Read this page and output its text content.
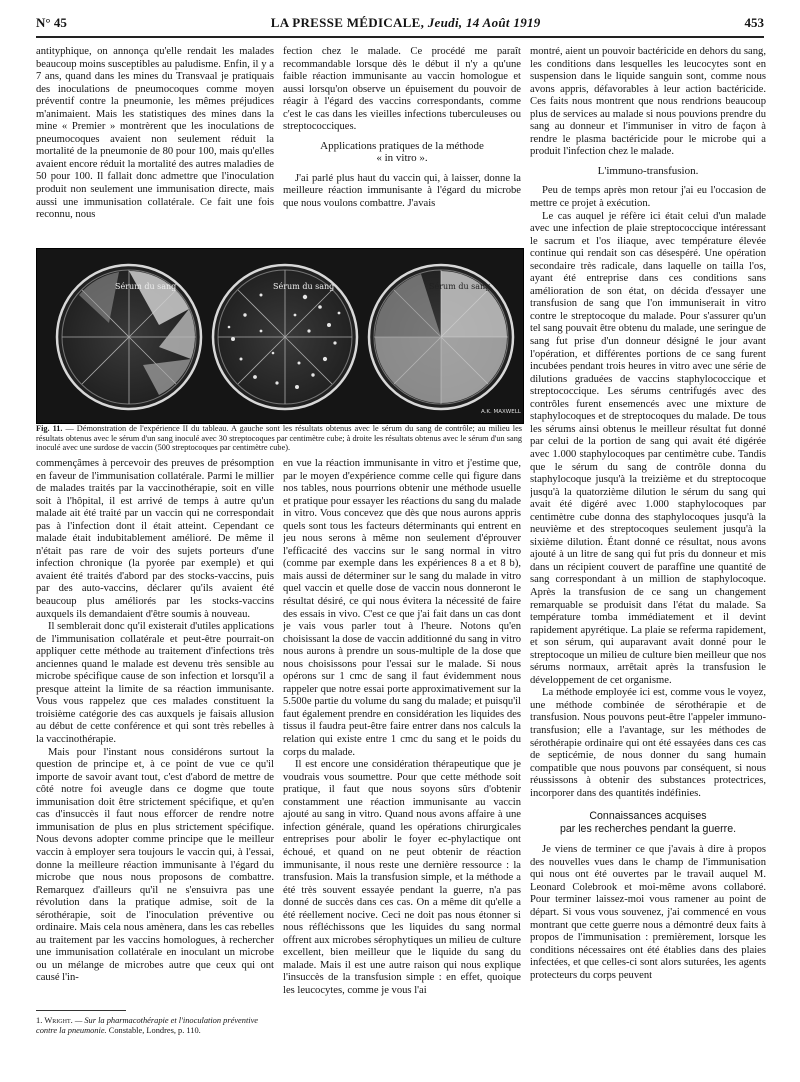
N° 45	LA PRESSE MÉDICALE, Jeudi, 14 Août 1919	453

antityphique, on annonça qu'elle rendait les malades beaucoup moins susceptibles au paludisme. Enfin, il y a 7 ans, quand dans les mines du Transvaal je pratiquais des inoculations de pneumocoques comme moyen préventif contre la pneumonie, les mêmes préjudices m'animaient. Mais les statistiques des mines dans la mine « Premier » montrèrent que les inoculations de pneumocoques avaient non seulement réduit la mortalité de la pneumonie de 80 pour 100, mais qu'elles avaient encore réduit la mortalité des autres maladies de 50 pour 100. Il fallait donc admettre que l'inoculation produit non seulement une immunisation directe, mais aussi une immunisation collatérale. Ce fait une fois reconnu, nous

fection chez le malade. Ce procédé me paraît recommandable lorsque dès le début il n'y a qu'une faible réaction immunisante au vaccin homologue et aussi lorsqu'on observe un épuisement du pouvoir de réagir à l'égard des vaccins correspondants, comme c'est le cas dans les vieilles infections tuberculeuses ou streptococciques.

Applications pratiques de la méthode
« in vitro ».

J'ai parlé plus haut du vaccin qui, à laisser, donne la meilleure réaction immunisante à l'égard du microbe que nous voulons combattre. J'avais

Sérum du sang	Sérum du sang	Sérum du sang
A.K. MAXWELL
Fig. 11. — Démonstration de l'expérience II du tableau. A gauche sont les résultats obtenus avec le sérum du sang de contrôle; au milieu les résultats obtenus avec le sérum d'un sang inoculé avec 30 streptocoques par centimètre cube; à droite les résultats obtenus avec le sérum d'un sang inoculé avec une surdose de vaccin (500 streptocoques par centimètre cube).

commençâmes à percevoir des preuves de présomption en faveur de l'immunisation collatérale. Parmi le millier de malades traités par la vaccinothérapie, soit en ville soit à l'hôpital, il est arrivé de temps à autre qu'un malade ait été traité par un vaccin qui ne correspondait pas à l'infection dont il était atteint. Cependant ce malade était indubitablement amélioré. De même il n'était pas rare de voir des sujets porteurs d'une infection chronique (la pyorée par exemple) et qui avaient été traités d'abord par des stocks-vaccins, puis par des auto-vaccins, déclarer qu'ils avaient été beaucoup plus améliorés par les stocks-vaccins auxquels ils demandaient d'être soumis à nouveau.

Il semblerait donc qu'il existerait d'utiles applications de l'immunisation collatérale et peut-être pourrait-on appliquer cette méthode au traitement d'infections très anciennes quand le malade est devenu très sensible au microbe spécifique cause de son infection et lorsqu'il a presque atteint la limite de sa réaction immunisante. Vous vous rappelez que ces malades constituent la troisième catégorie des cas auxquels je faisais allusion au début de cette conférence et qui sont très rebelles à la vaccinothérapie.

Mais pour l'instant nous considérons surtout la question de principe et, à ce point de vue ce qu'il importe de savoir avant tout, c'est d'abord de mettre de côté notre foi aveugle dans ce dogme que toute immunisation doit être strictement spécifique, et qu'en cas d'insuccès il faut nous efforcer de rendre notre immunisation de plus en plus strictement spécifique. Nous devons adopter comme principe que le meilleur vaccin à employer sera toujours le vaccin qui, à l'essai, donne la meilleure réaction immunisante à l'égard du microbe que nous nous proposons de combattre. Remarquez d'ailleurs qu'il ne s'ensuivra pas une révolution dans la pratique admise, soit de la sérothérapie, soit de l'inoculation préventive ou ordinaire. Mais cela nous amènera, dans les cas rebelles au traitement par les vaccins homologues, à rechercher une immunisation collatérale en inoculant un microbe ou un mélange de microbes autre que ceux qui ont causé l'in-

en vue la réaction immunisante in vitro et j'estime que, par le moyen d'expérience comme celle qui figure dans nos tables, nous pourrions obtenir une méthode usuelle et pratique pour essayer les réactions du sang du malade in vitro. Vous concevez que dès que nous aurons appris quels sont tous les facteurs déterminants qui entrent en jeu nous serons à même non seulement d'éprouver l'efficacité des vaccins sur le sang normal in vitro (comme par exemple dans les expériences 8 a et 8 b), mais aussi de déterminer sur le sang du malade in vitro quel vaccin et quelle dose de vaccin nous donneront le résultat désiré, ce qui nous évitera la nécessité de faire des essais in vivo. C'est ce que j'ai fait dans un cas dont je vais vous parler tout à l'heure. Notons qu'en choisissant la dose de vaccin additionné du sang in vitro nous aurons à prendre un sous-multiple de la dose que nous choisissons pour l'essai sur le malade. Si nous opérons sur 1 cmc de sang il faut évidemment nous rappeler que notre essai porte approximativement sur la 5.500e partie du volume du sang du malade; et puisqu'il faut également prendre en considération les liquides des tissus il faudra peut-être faire entrer dans nos calculs la relation qui existe entre 1 cmc du sang et le poids du corps du malade.

Il est encore une considération thérapeutique que je voudrais vous soumettre. Pour que cette méthode soit pratique, il faut que nous soyons sûrs d'obtenir constamment une réaction immunisante au vaccin ajouté au sang in vitro. Quand nous avons affaire à une infection générale, quand les opérations chirurgicales entreprises pour abolir le foyer ec-phylactique ont échoué, et quand on ne peut obtenir de réaction immunisante, il nous reste une dernière ressource : la transfusion. Mais la transfusion simple, et la méthode a été très souvent essayée pendant la guerre, n'a pas donné de succès dans ces cas. On a même dit qu'elle a été réellement nocive. Ceci ne doit pas nous étonner si nous réfléchissons que les liquides du sang normal offrent aux microbes sérophytiques un milieu de culture excellent, bien meilleur que le liquide du sang du malade. Mais il est une autre raison qui nous explique l'insuccès de la transfusion simple : en effet, quoique les leucocytes, comme je vous l'ai

montré, aient un pouvoir bactéricide en dehors du sang, les conditions dans lesquelles les leucocytes sont en suspension dans le liquide sanguin sont, comme nous avons appris, défavorables à leur action bactéricide. Ces faits nous montrent que nous rendrions beaucoup plus de services au malade si nous pouvions prendre du sang au donneur et l'immuniser in vitro de façon à rendre le plasma bactéricide pour le microbe qui a produit l'infection chez le malade.

L'immuno-transfusion.

Peu de temps après mon retour j'ai eu l'occasion de mettre ce projet à exécution.

Le cas auquel je réfère ici était celui d'un malade avec une infection de plaie streptococcique intéressant le sacrum et l'os iliaque, avec température élevée continue qui rendait son cas désespéré. Une opération secondaire très radicale, dans laquelle on tailla l'os, ayant été entreprise dans ces conditions sans amélioration de son état, on décida d'essayer une transfusion de sang que l'on immuniserait in vitro contre le streptocoque du malade. Pour s'assurer qu'un tel sang pouvait être obtenu du malade, une seringue de sang fut prise d'un donneur désigné le jour avant l'opération, et différentes portions de ce sang furent incubées pendant trois heures in vitro avec une série de dilutions graduées de vaccins staphylococcique et streptococcique. Les sérums centrifugés avec des contrôles furent ensemencés avec une mixture de staphylocoques et de streptocoques du malade. De tous les sérums ainsi obtenus le meilleur résultat fut donné par celui de la portion de sang qui avait été digérée avec 1.000 staphylocoques par centimètre cube. Tandis que le sérum du sang de contrôle donna du staphylocoque jusqu'à la treizième et du streptocoque jusqu'à la quatorzième dilution le sérum du sang qui avait été digéré avec 1.000 staphylocoques par centimètre cube donna des staphylocoques jusqu'à la neuvième et des streptocoques seulement jusqu'à la sixième dilution. Étant donné ce résultat, nous avons ajouté à un litre de sang qui fut pris du donneur et mis dans un récipient couvert de paraffine une quantité de sang correspondant à un million de staphylocoque. Après la transfusion de ce sang un changement remarquable se produisit dans l'état du malade. Sa température tomba immédiatement et il devint rapidement apyrétique. La plaie se referma rapidement, et son sérum, qui auparavant avait donné pour le streptocoque un milieu de culture bien meilleur que nos sérums normaux, arrêtait après la transfusion le développement de cet organisme.

La méthode employée ici est, comme vous le voyez, une méthode combinée de sérothérapie et de transfusion. Nous pouvons peut-être l'appeler immuno-transfusion; elle a l'avantage, sur les méthodes de sérothérapie ordinaire qui ont été essayées dans ces cas de septicémie, de nous donner du sang humain compatible que nous pouvons par conséquent, si nous réussissons à obtenir des substances protectrices, incorporer dans des quantités indéfinies.

Connaissances acquises
par les recherches pendant la guerre.

Je viens de terminer ce que j'avais à dire à propos des nouvelles vues dans le champ de l'immunisation qui nous ont été ouvertes par le travail auquel M. Leonard Colebrook et moi-même avons collaboré. Pour terminer laissez-moi vous ramener au point de départ. Si vous vous souvenez, j'ai commencé en vous montrant que cette guerre nous a démontré deux faits à propos de l'immunisation : premièrement, lorsque les conditions nécessaires ont été établies dans des plaies infectées, et que celles-ci sont alors suturées, les agents protecteurs du corps peuvent

1. Wright. — Sur la pharmacothérapie et l'inoculation préventive contre la pneumonie. Constable, Londres, p. 110.
